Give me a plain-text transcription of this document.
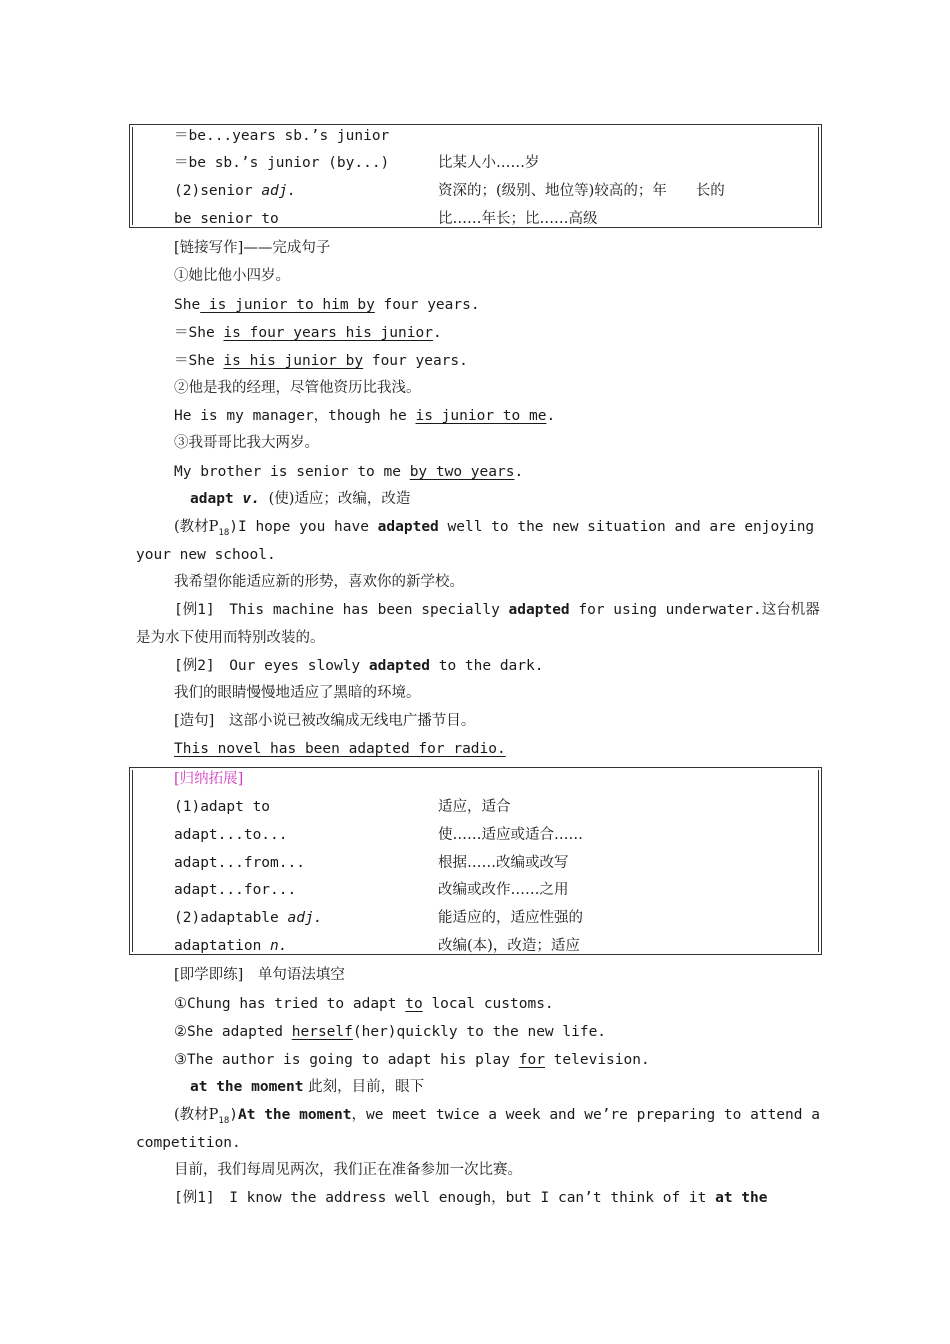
＝be...years sb.’s junior
＝be sb.’s junior (by...)	比某人小……岁
(2)senior adj.	资深的；(级别、地位等)较高的；年　　长的
be senior to	比……年长；比……高级
[链接写作]——完成句子
①她比他小四岁。
She is junior to him by four years.
＝She is four years his junior.
＝She is his junior by four years.
②他是我的经理，尽管他资历比我浅。
He is my manager，though he is junior to me.
③我哥哥比我大两岁。
My brother is senior to me by two years.
adapt v. (使)适应；改编，改造
(教材$P_{18})I$ hope you have adapted well to the new situation and are enjoying
your new school.
我希望你能适应新的形势，喜欢你的新学校。
[例1]　This machine has been specially adapted for using underwater.这台机器
是为水下使用而特别改装的。
[例2]　Our eyes slowly adapted to the dark.
我们的眼睛慢慢地适应了黑暗的环境。
[造句]　这部小说已被改编成无线电广播节目。
This novel has been adapted for radio.
[归纳拓展]
(1)adapt to	适应，适合
adapt...to...	使……适应或适合……
adapt...from...	根据……改编或改写
adapt...for...	改编或改作……之用
(2)adaptable adj.	能适应的，适应性强的
adaptation n.	改编(本)，改造；适应
[即学即练]　单句语法填空
①Chung has tried to adapt to local customs.
②She adapted herself(her)quickly to the new life.
③The author is going to adapt his play for television.
at the moment 此刻，目前，眼下
(教材$P_{18})At$ the moment，we meet twice a week and we’re preparing to attend a
competition.
目前，我们每周见两次，我们正在准备参加一次比赛。
[例1]　I know the address well enough，but I can’t think of it at the
